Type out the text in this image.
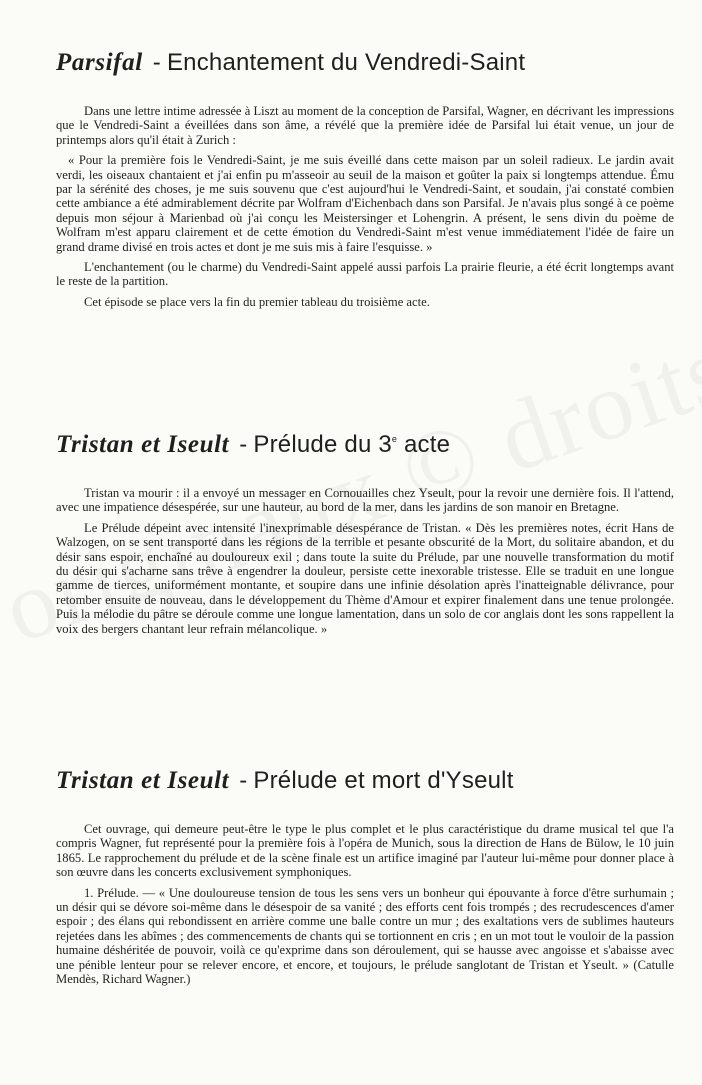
Parsifal - Enchantement du Vendredi-Saint

Dans une lettre intime adressée à Liszt au moment de la conception de Parsifal, Wagner, en décrivant les impressions que le Vendredi-Saint a éveillées dans son âme, a révélé que la première idée de Parsifal lui était venue, un jour de printemps alors qu'il était à Zurich :

« Pour la première fois le Vendredi-Saint, je me suis éveillé dans cette maison par un soleil radieux. Le jardin avait verdi, les oiseaux chantaient et j'ai enfin pu m'asseoir au seuil de la maison et goûter la paix si longtemps attendue. Ému par la sérénité des choses, je me suis souvenu que c'est aujourd'hui le Vendredi-Saint, et soudain, j'ai constaté combien cette ambiance a été admirablement décrite par Wolfram d'Eichenbach dans son Parsifal. Je n'avais plus songé à ce poème depuis mon séjour à Marienbad où j'ai conçu les Meistersinger et Lohengrin. A présent, le sens divin du poème de Wolfram m'est apparu clairement et de cette émotion du Vendredi-Saint m'est venue immédiatement l'idée de faire un grand drame divisé en trois actes et dont je me suis mis à faire l'esquisse. »

L'enchantement (ou le charme) du Vendredi-Saint appelé aussi parfois La prairie fleurie, a été écrit longtemps avant le reste de la partition.

Cet épisode se place vers la fin du premier tableau du troisième acte.

Tristan et Iseult - Prélude du 3e acte

Tristan va mourir : il a envoyé un messager en Cornouailles chez Yseult, pour la revoir une dernière fois. Il l'attend, avec une impatience désespérée, sur une hauteur, au bord de la mer, dans les jardins de son manoir en Bretagne.

Le Prélude dépeint avec intensité l'inexprimable désespérance de Tristan. « Dès les premières notes, écrit Hans de Walzogen, on se sent transporté dans les régions de la terrible et pesante obscurité de la Mort, du solitaire abandon, et du désir sans espoir, enchaîné au douloureux exil ; dans toute la suite du Prélude, par une nouvelle transformation du motif du désir qui s'acharne sans trêve à engendrer la douleur, persiste cette inexorable tristesse. Elle se traduit en une longue gamme de tierces, uniformément montante, et soupire dans une infinie désolation après l'inatteignable délivrance, pour retomber ensuite de nouveau, dans le développement du Thème d'Amour et expirer finalement dans une tenue prolongée. Puis la mélodie du pâtre se déroule comme une longue lamentation, dans un solo de cor anglais dont les sons rappellent la voix des bergers chantant leur refrain mélancolique. »

Tristan et Iseult - Prélude et mort d'Yseult

Cet ouvrage, qui demeure peut-être le type le plus complet et le plus caractéristique du drame musical tel que l'a compris Wagner, fut représenté pour la première fois à l'opéra de Munich, sous la direction de Hans de Bülow, le 10 juin 1865. Le rapprochement du prélude et de la scène finale est un artifice imaginé par l'auteur lui-même pour donner place à son œuvre dans les concerts exclusivement symphoniques.

1. Prélude. — « Une douloureuse tension de tous les sens vers un bonheur qui épouvante à force d'être surhumain ; un désir qui se dévore soi-même dans le désespoir de sa vanité ; des efforts cent fois trompés ; des recrudescences d'amer espoir ; des élans qui rebondissent en arrière comme une balle contre un mur ; des exaltations vers de sublimes hauteurs rejetées dans les abîmes ; des commencements de chants qui se tortionnent en cris ; en un mot tout le vouloir de la passion humaine déshéritée de pouvoir, voilà ce qu'exprime dans son déroulement, qui se hausse avec angoisse et s'abaisse avec une pénible lenteur pour se relever encore, et encore, et toujours, le prélude sanglotant de Tristan et Yseult. » (Catulle Mendès, Richard Wagner.)
